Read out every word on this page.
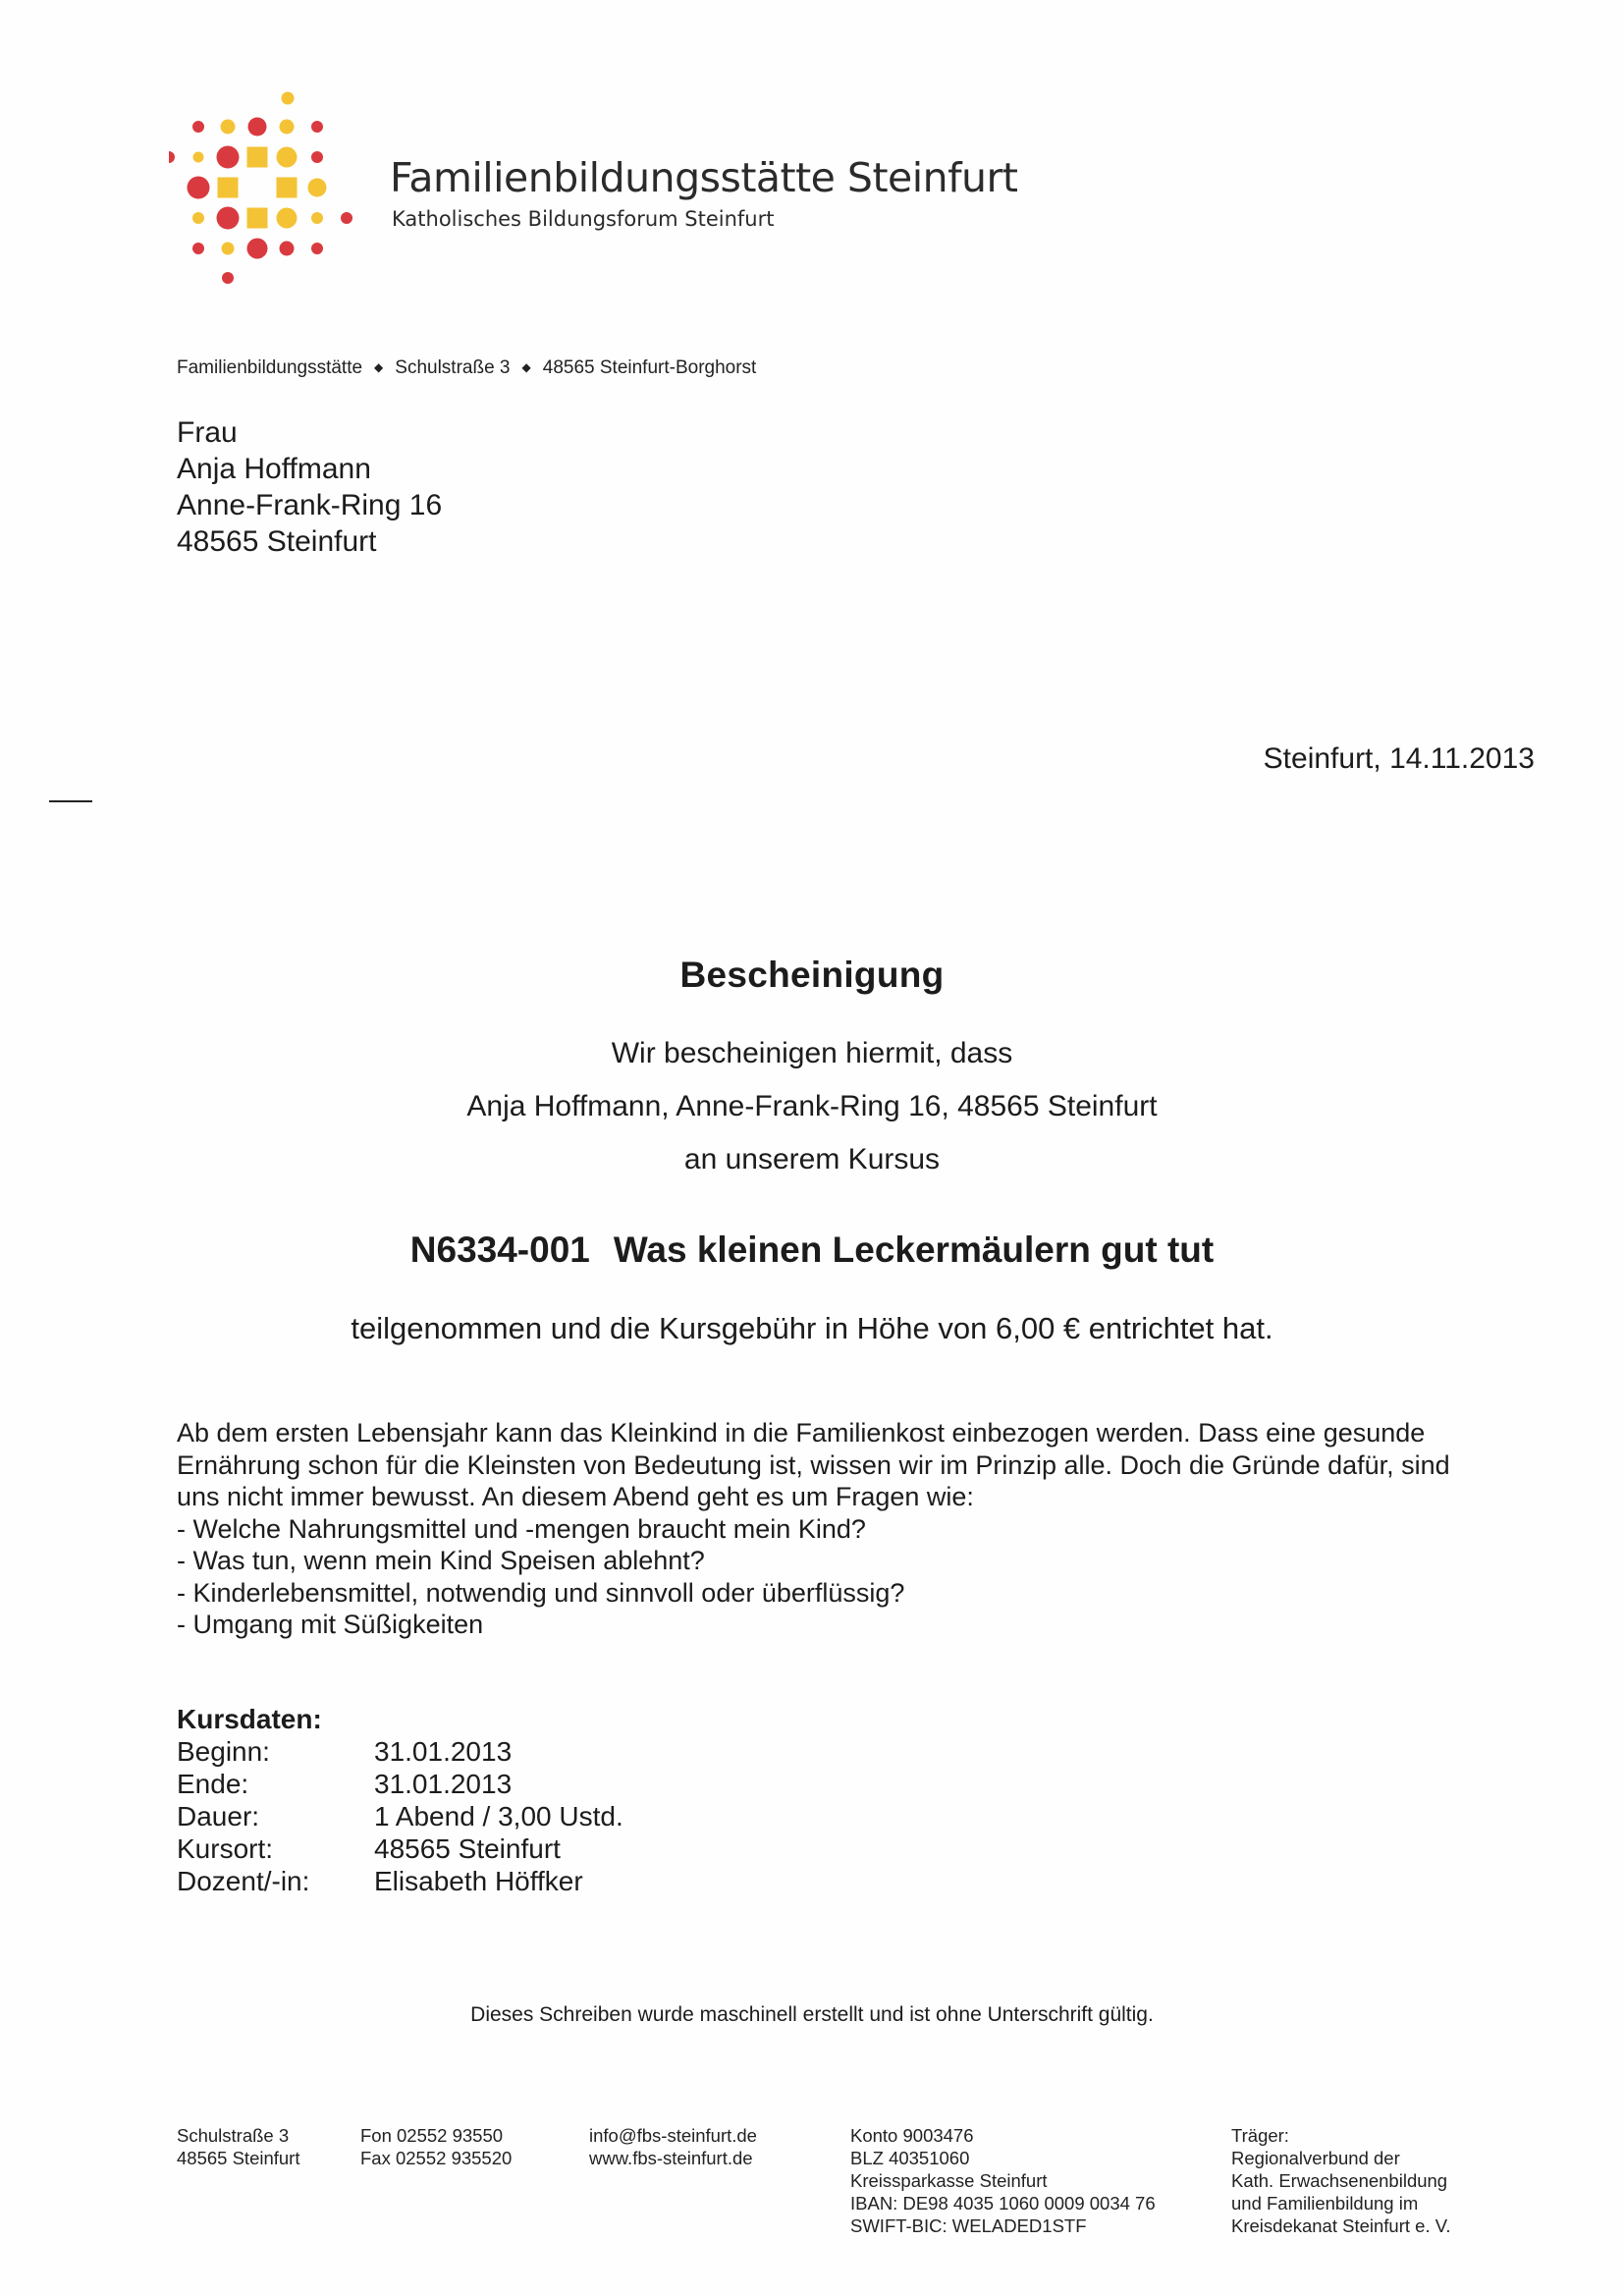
Familienbildungsstätte Steinfurt
Katholisches Bildungsforum Steinfurt
Familienbildungsstätte ◆ Schulstraße 3 ◆ 48565 Steinfurt-Borghorst
Frau
Anja Hoffmann
Anne-Frank-Ring 16
48565 Steinfurt
Steinfurt, 14.11.2013
Bescheinigung
Wir bescheinigen hiermit, dass
Anja Hoffmann, Anne-Frank-Ring 16, 48565 Steinfurt
an unserem Kursus
N6334-001 Was kleinen Leckermäulern gut tut
teilgenommen und die Kursgebühr in Höhe von 6,00 € entrichtet hat.
Ab dem ersten Lebensjahr kann das Kleinkind in die Familienkost einbezogen werden. Dass eine gesunde Ernährung schon für die Kleinsten von Bedeutung ist, wissen wir im Prinzip alle. Doch die Gründe dafür, sind uns nicht immer bewusst. An diesem Abend geht es um Fragen wie:
- Welche Nahrungsmittel und -mengen braucht mein Kind?
- Was tun, wenn mein Kind Speisen ablehnt?
- Kinderlebensmittel, notwendig und sinnvoll oder überflüssig?
- Umgang mit Süßigkeiten
Kursdaten:
Beginn:	31.01.2013
Ende:	31.01.2013
Dauer:	1 Abend / 3,00 Ustd.
Kursort:	48565 Steinfurt
Dozent/-in:	Elisabeth Höffker
Dieses Schreiben wurde maschinell erstellt und ist ohne Unterschrift gültig.
Schulstraße 3
48565 Steinfurt
Fon 02552 93550
Fax 02552 935520
info@fbs-steinfurt.de
www.fbs-steinfurt.de
Konto 9003476
BLZ 40351060
Kreissparkasse Steinfurt
IBAN: DE98 4035 1060 0009 0034 76
SWIFT-BIC: WELADED1STF
Träger:
Regionalverbund der
Kath. Erwachsenenbildung
und Familienbildung im
Kreisdekanat Steinfurt e. V.
